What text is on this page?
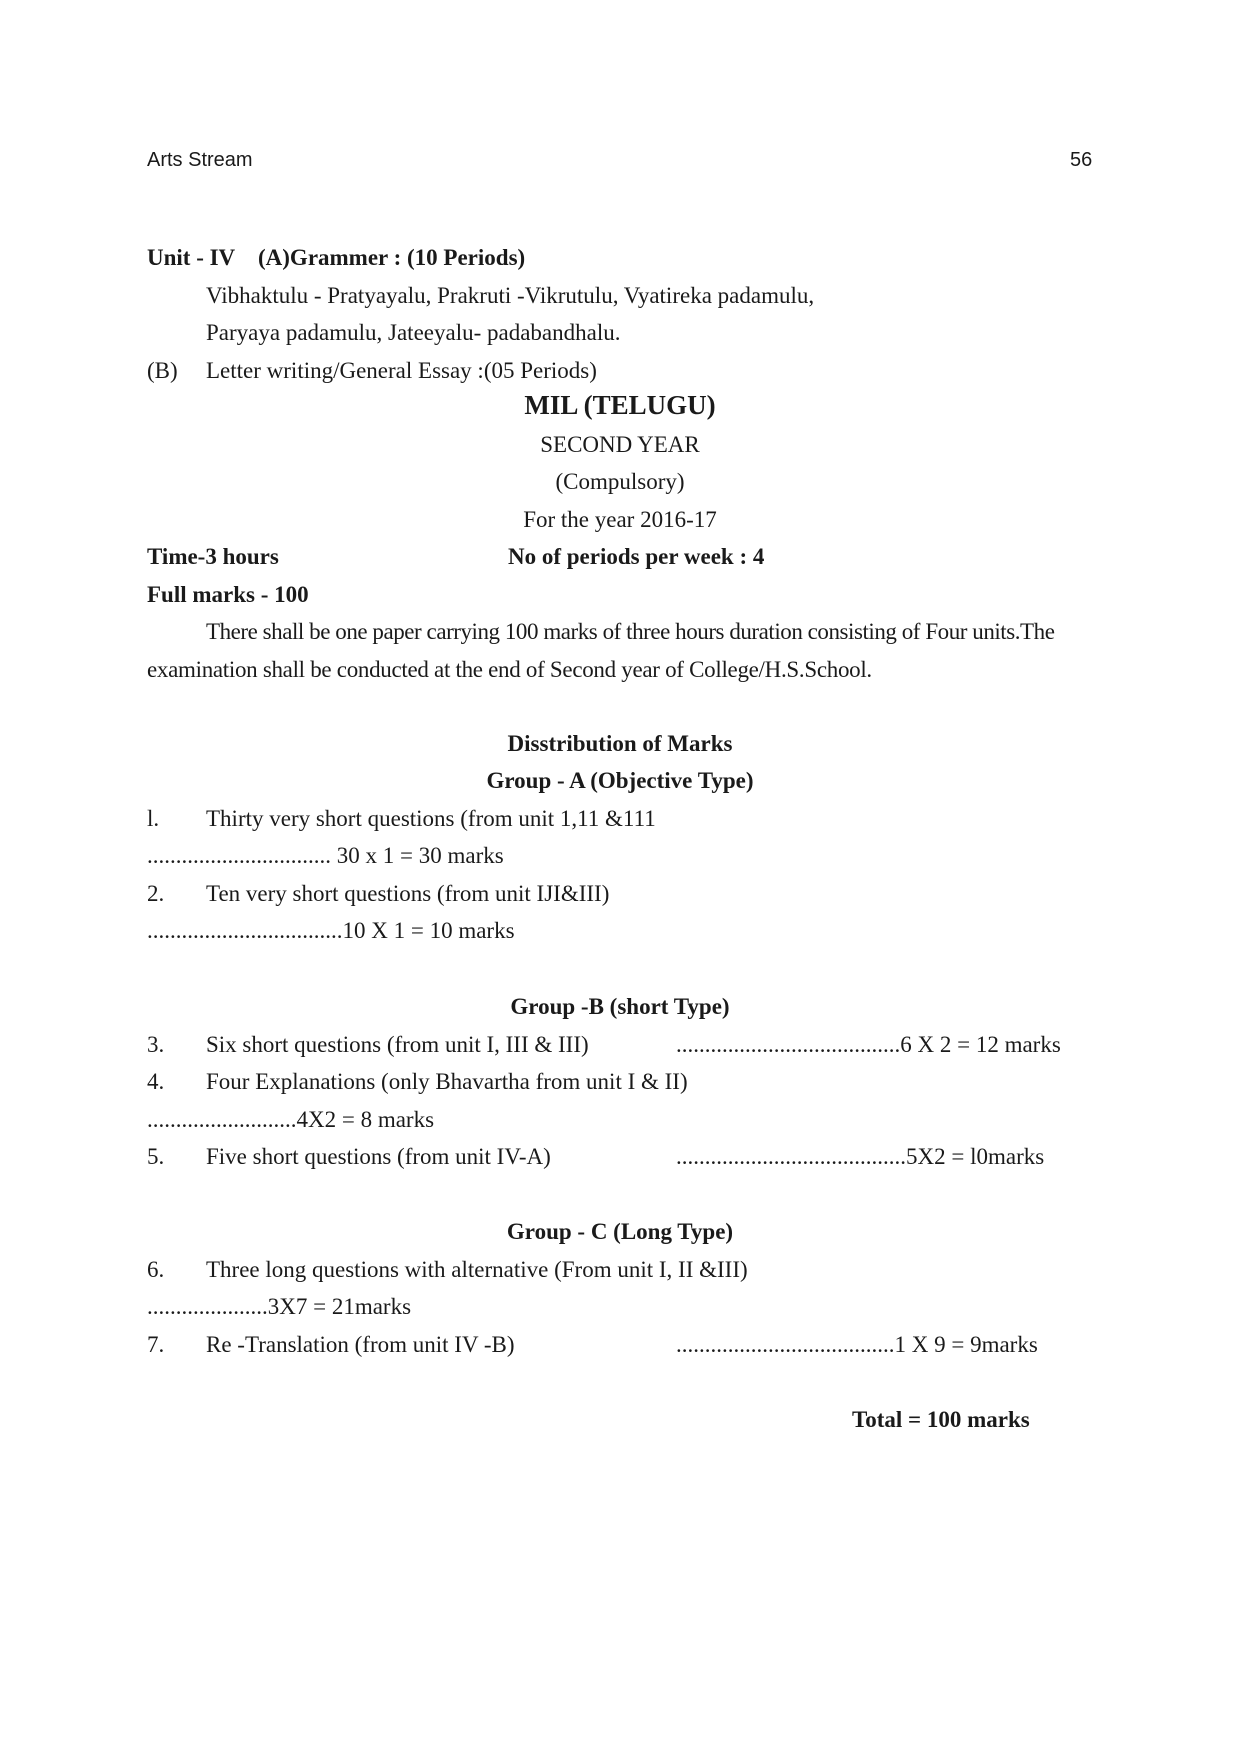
Arts Stream	56
Unit - IV (A)Grammer : (10 Periods)
Vibhaktulu - Pratyayalu, Prakruti -Vikrutulu, Vyatireka padamulu,
Paryaya padamulu, Jateeyalu- padabandhalu.
(B) Letter writing/General Essay :(05 Periods)
MIL (TELUGU)
SECOND YEAR
(Compulsory)
For the year 2016-17
Time-3 hours	No of periods per week : 4
Full marks - 100
There shall be one paper carrying 100 marks of three hours duration consisting of Four units.The
examination shall be conducted at the end of Second year of College/H.S.School.
Disstribution of Marks
Group - A (Objective Type)
l. Thirty very short questions (from unit 1,11 &111
................................ 30 x 1 = 30 marks
2. Ten very short questions (from unit IJI&III)
..................................10 X 1 = 10 marks
Group -B (short Type)
3. Six short questions (from unit I, III & III)	.......................................6 X 2 = 12 marks
4. Four Explanations (only Bhavartha from unit I & II)
..........................4X2 = 8 marks
5. Five short questions (from unit IV-A)	........................................5X2 = l0marks
Group - C (Long Type)
6. Three long questions with alternative (From unit I, II &III)
.....................3X7 = 21marks
7. Re -Translation (from unit IV -B)	......................................1 X 9 = 9marks
Total = 100 marks
